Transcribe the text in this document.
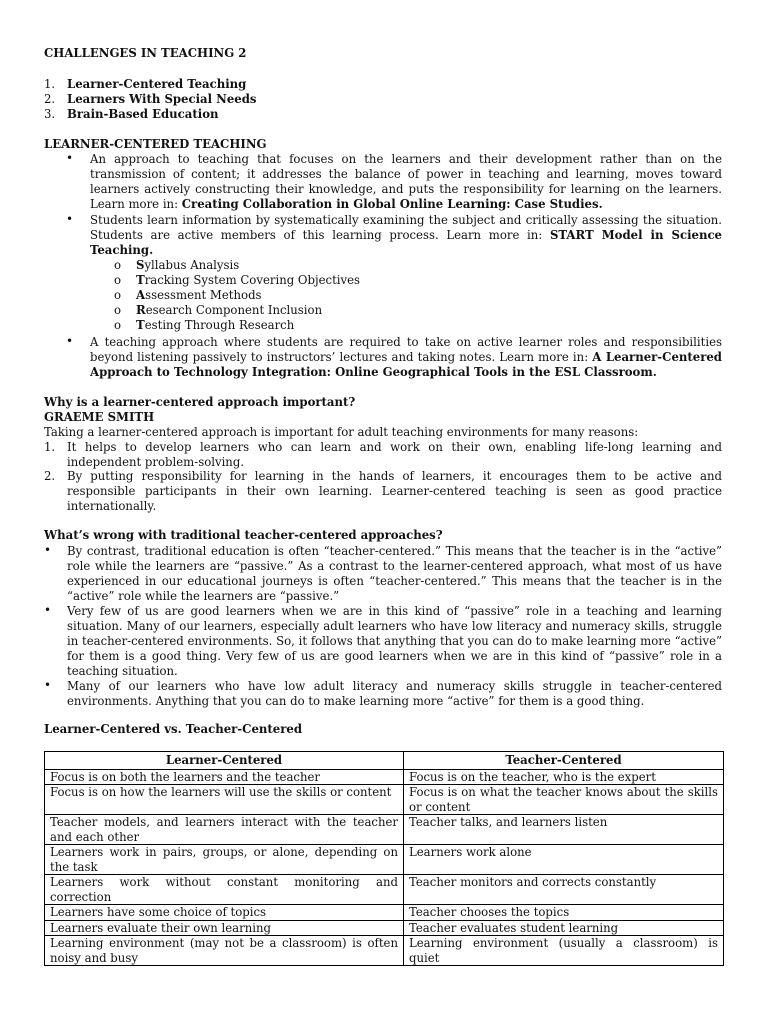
CHALLENGES IN TEACHING 2
1. Learner-Centered Teaching
2. Learners With Special Needs
3. Brain-Based Education
LEARNER-CENTERED TEACHING
• An approach to teaching that focuses on the learners and their development rather than on the transmission of content; it addresses the balance of power in teaching and learning, moves toward learners actively constructing their knowledge, and puts the responsibility for learning on the learners. Learn more in: Creating Collaboration in Global Online Learning: Case Studies.
• Students learn information by systematically examining the subject and critically assessing the situation. Students are active members of this learning process. Learn more in: START Model in Science Teaching.
o Syllabus Analysis
o Tracking System Covering Objectives
o Assessment Methods
o Research Component Inclusion
o Testing Through Research
• A teaching approach where students are required to take on active learner roles and responsibilities beyond listening passively to instructors’ lectures and taking notes. Learn more in: A Learner-Centered Approach to Technology Integration: Online Geographical Tools in the ESL Classroom.
Why is a learner-centered approach important?
GRAEME SMITH
Taking a learner-centered approach is important for adult teaching environments for many reasons:
1. It helps to develop learners who can learn and work on their own, enabling life-long learning and independent problem-solving.
2. By putting responsibility for learning in the hands of learners, it encourages them to be active and responsible participants in their own learning. Learner-centered teaching is seen as good practice internationally.
What’s wrong with traditional teacher-centered approaches?
• By contrast, traditional education is often “teacher-centered.” This means that the teacher is in the “active” role while the learners are “passive.” As a contrast to the learner-centered approach, what most of us have experienced in our educational journeys is often “teacher-centered.” This means that the teacher is in the “active” role while the learners are “passive.”
• Very few of us are good learners when we are in this kind of “passive” role in a teaching and learning situation. Many of our learners, especially adult learners who have low literacy and numeracy skills, struggle in teacher-centered environments. So, it follows that anything that you can do to make learning more “active” for them is a good thing. Very few of us are good learners when we are in this kind of “passive” role in a teaching situation.
• Many of our learners who have low adult literacy and numeracy skills struggle in teacher-centered environments. Anything that you can do to make learning more “active” for them is a good thing.
Learner-Centered vs. Teacher-Centered
Learner-Centered	Teacher-Centered
Focus is on both the learners and the teacher	Focus is on the teacher, who is the expert
Focus is on how the learners will use the skills or content	Focus is on what the teacher knows about the skills or content
Teacher models, and learners interact with the teacher and each other	Teacher talks, and learners listen
Learners work in pairs, groups, or alone, depending on the task	Learners work alone
Learners work without constant monitoring and correction	Teacher monitors and corrects constantly
Learners have some choice of topics	Teacher chooses the topics
Learners evaluate their own learning	Teacher evaluates student learning
Learning environment (may not be a classroom) is often noisy and busy	Learning environment (usually a classroom) is quiet
